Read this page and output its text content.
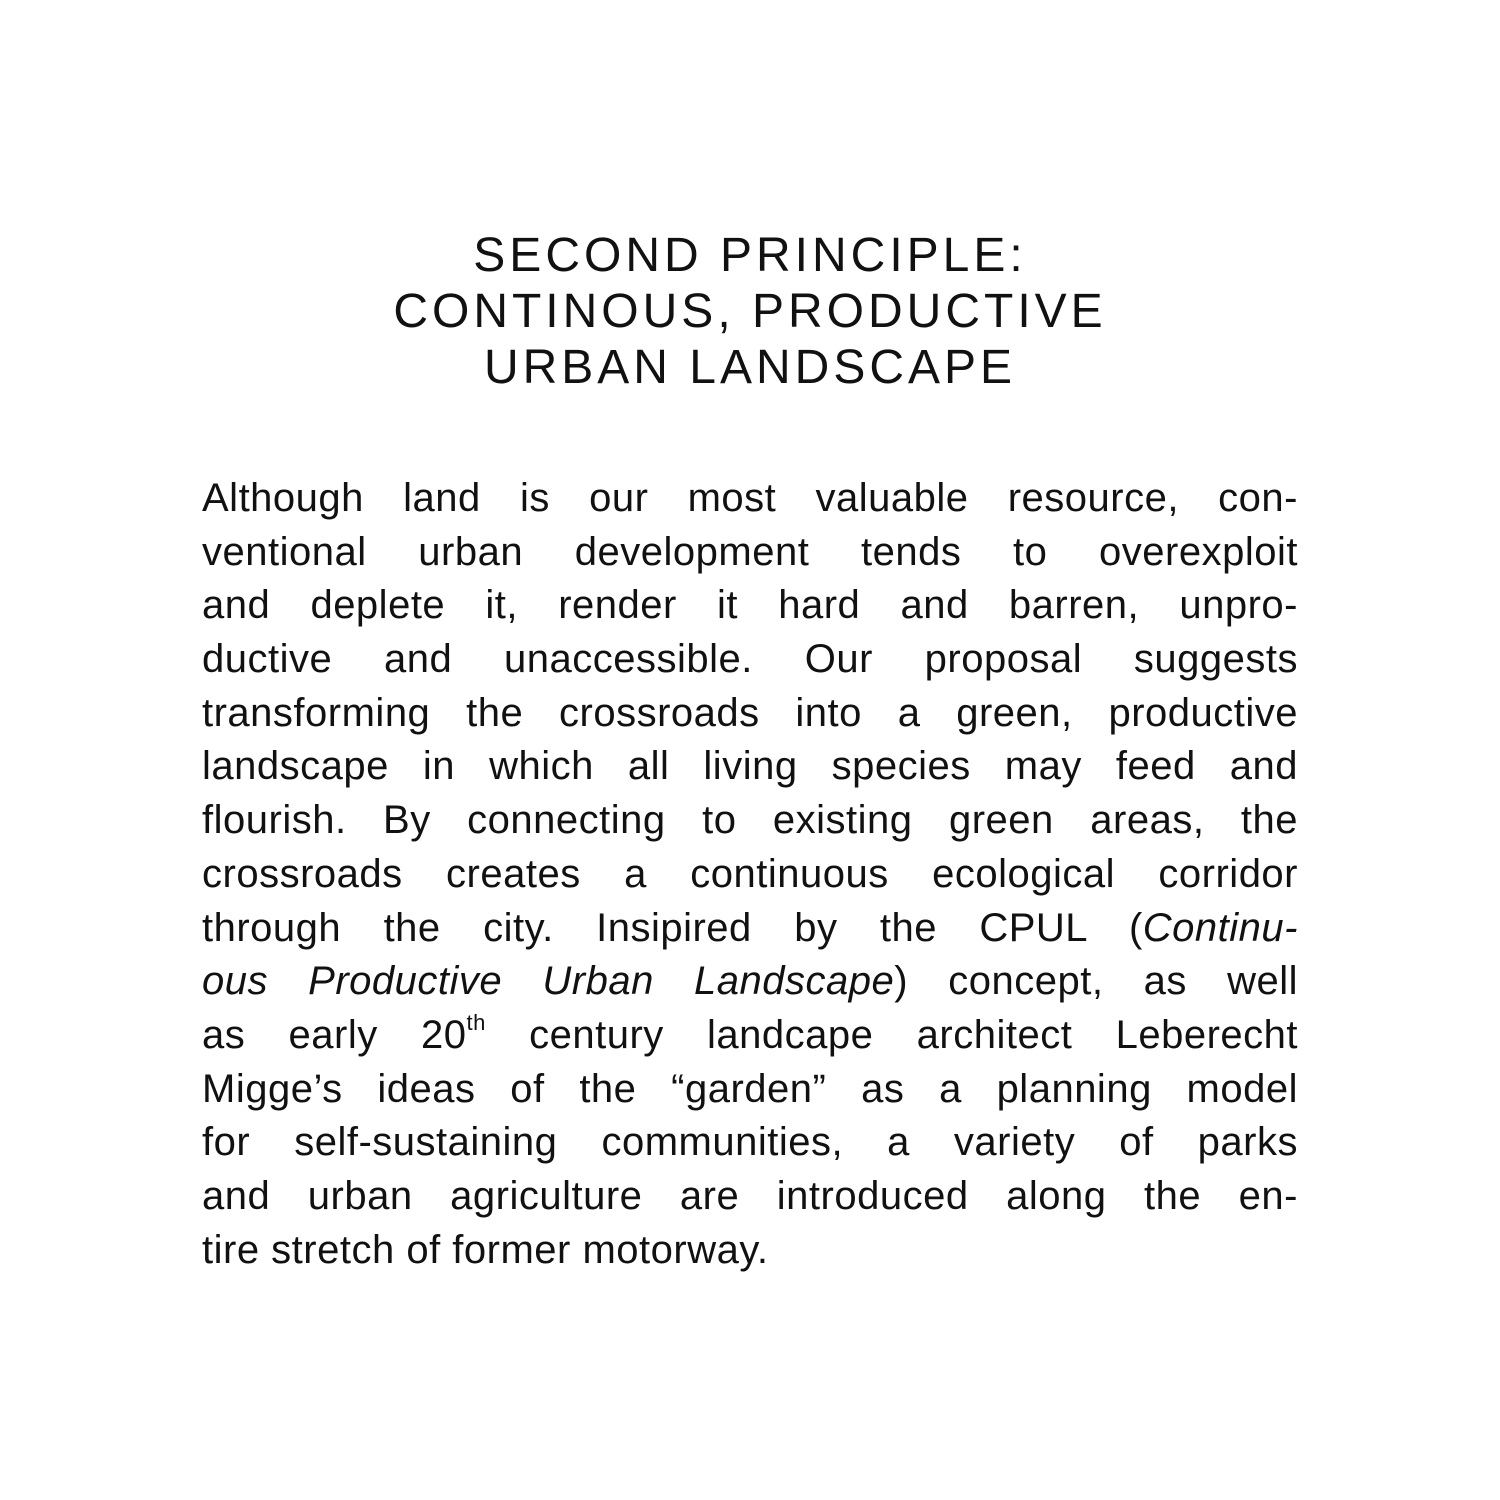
SECOND PRINCIPLE:
CONTINOUS, PRODUCTIVE
URBAN LANDSCAPE
Although land is our most valuable resource, con-
ventional urban development tends to overexploit
and deplete it, render it hard and barren, unpro-
ductive and unaccessible. Our proposal suggests
transforming the crossroads into a green, productive
landscape in which all living species may feed and
flourish. By connecting to existing green areas, the
crossroads creates a continuous ecological corridor
through the city. Insipired by the CPUL (Continu-
ous Productive Urban Landscape) concept, as well
as early 20th century landcape architect Leberecht
Migge’s ideas of the “garden” as a planning model
for self-sustaining communities, a variety of parks
and urban agriculture are introduced along the en-
tire stretch of former motorway.
